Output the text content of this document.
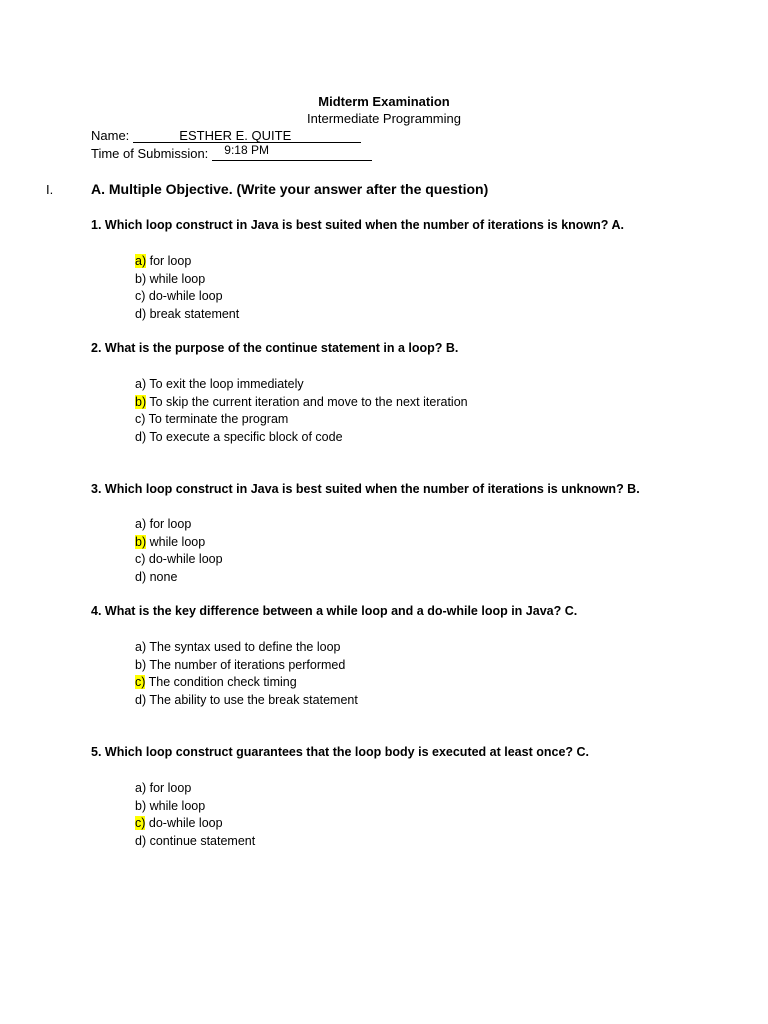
Midterm Examination
Intermediate Programming
Name:	ESTHER E. QUITE
Time of Submission: 9:18 PM
I.	A. Multiple Objective. (Write your answer after the question)
1. Which loop construct in Java is best suited when the number of iterations is known? A.
a) for loop
b) while loop
c) do-while loop
d) break statement
2. What is the purpose of the continue statement in a loop? B.
a) To exit the loop immediately
b) To skip the current iteration and move to the next iteration
c) To terminate the program
d) To execute a specific block of code
3. Which loop construct in Java is best suited when the number of iterations is unknown? B.
a) for loop
b) while loop
c) do-while loop
d) none
4. What is the key difference between a while loop and a do-while loop in Java? C.
a) The syntax used to define the loop
b) The number of iterations performed
c) The condition check timing
d) The ability to use the break statement
5. Which loop construct guarantees that the loop body is executed at least once? C.
a) for loop
b) while loop
c) do-while loop
d) continue statement
